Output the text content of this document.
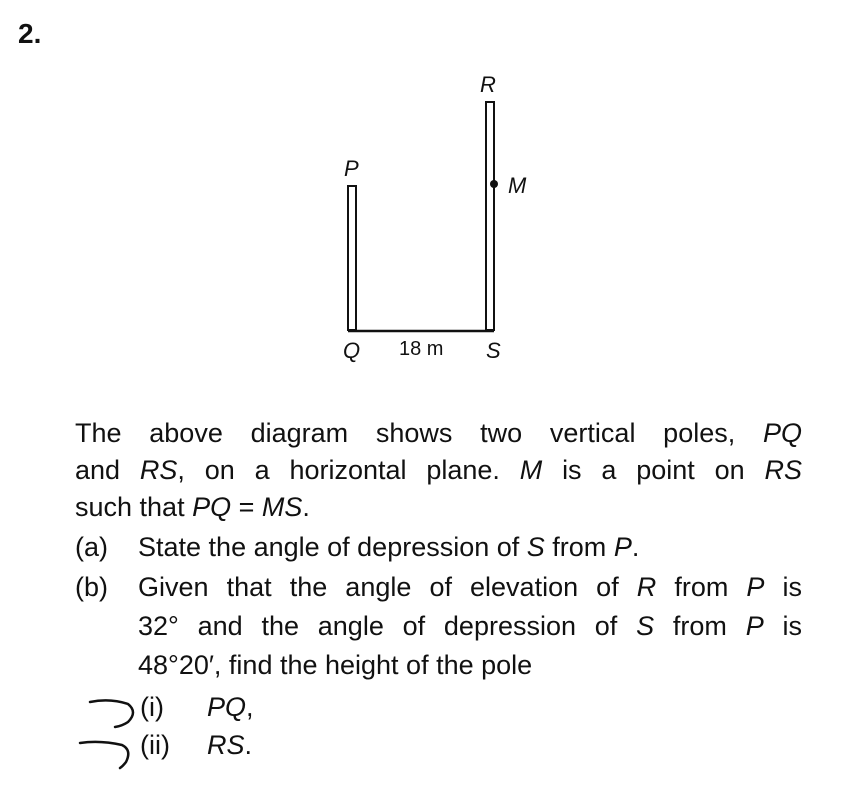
2.
R
P
M
Q 18 m S
The above diagram shows two vertical poles, PQ
and RS, on a horizontal plane. M is a point on RS
such that PQ = MS.
(a) State the angle of depression of S from P.
(b) Given that the angle of elevation of R from P is
32° and the angle of depression of S from P is
48°20′, find the height of the pole
(i) PQ,
(ii) RS.
